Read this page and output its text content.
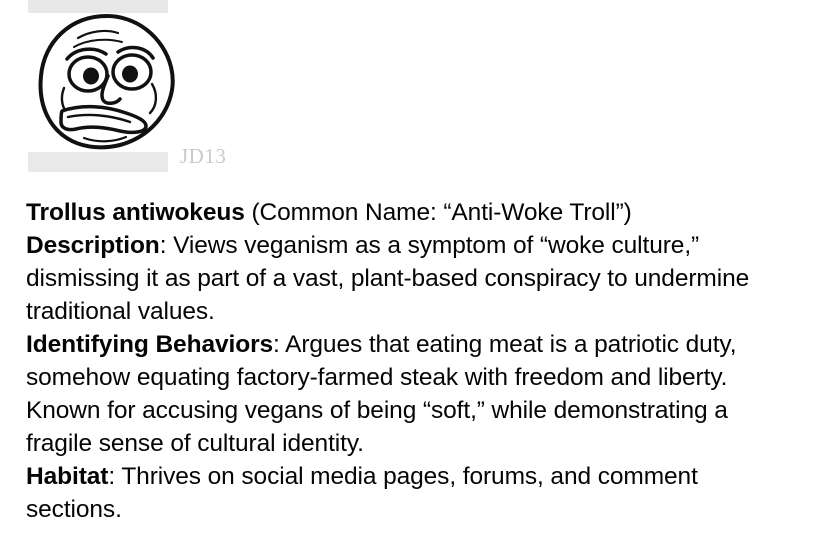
JD13

Trollus antiwokeus (Common Name: “Anti-Woke Troll”)

Description: Views veganism as a symptom of “woke culture,” dismissing it as part of a vast, plant-based conspiracy to undermine traditional values.

Identifying Behaviors: Argues that eating meat is a patriotic duty, somehow equating factory-farmed steak with freedom and liberty. Known for accusing vegans of being “soft,” while demonstrating a fragile sense of cultural identity.

Habitat: Thrives on social media pages, forums, and comment sections.
